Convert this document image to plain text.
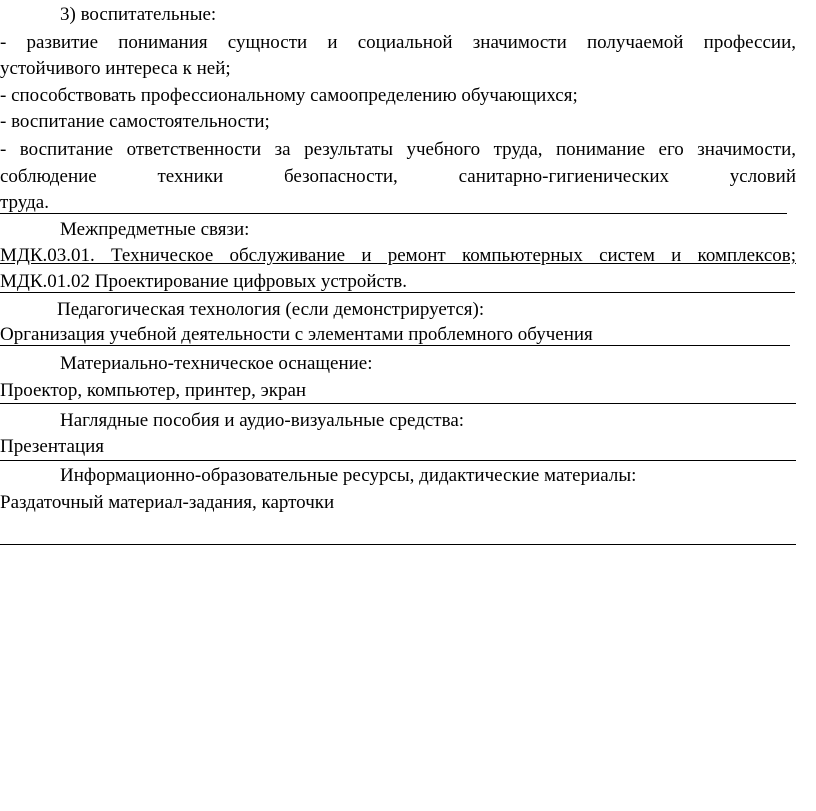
3) воспитательные:
- развитие понимания сущности и социальной значимости получаемой профессии,
устойчивого интереса к ней;
- способствовать профессиональному самоопределению обучающихся;
- воспитание самостоятельности;
- воспитание ответственности за результаты учебного труда, понимание его значимости,
соблюдение техники безопасности, санитарно-гигиенических условий
труда.
Межпредметные связи:
МДК.03.01. Техническое обслуживание и ремонт компьютерных систем и комплексов;
МДК.01.02 Проектирование цифровых устройств.
Педагогическая технология (если демонстрируется):
Организация учебной деятельности с элементами проблемного обучения
Материально-техническое оснащение:
Проектор, компьютер, принтер, экран
Наглядные пособия и аудио-визуальные средства:
Презентация
Информационно-образовательные ресурсы, дидактические материалы:
Раздаточный материал-задания, карточки
